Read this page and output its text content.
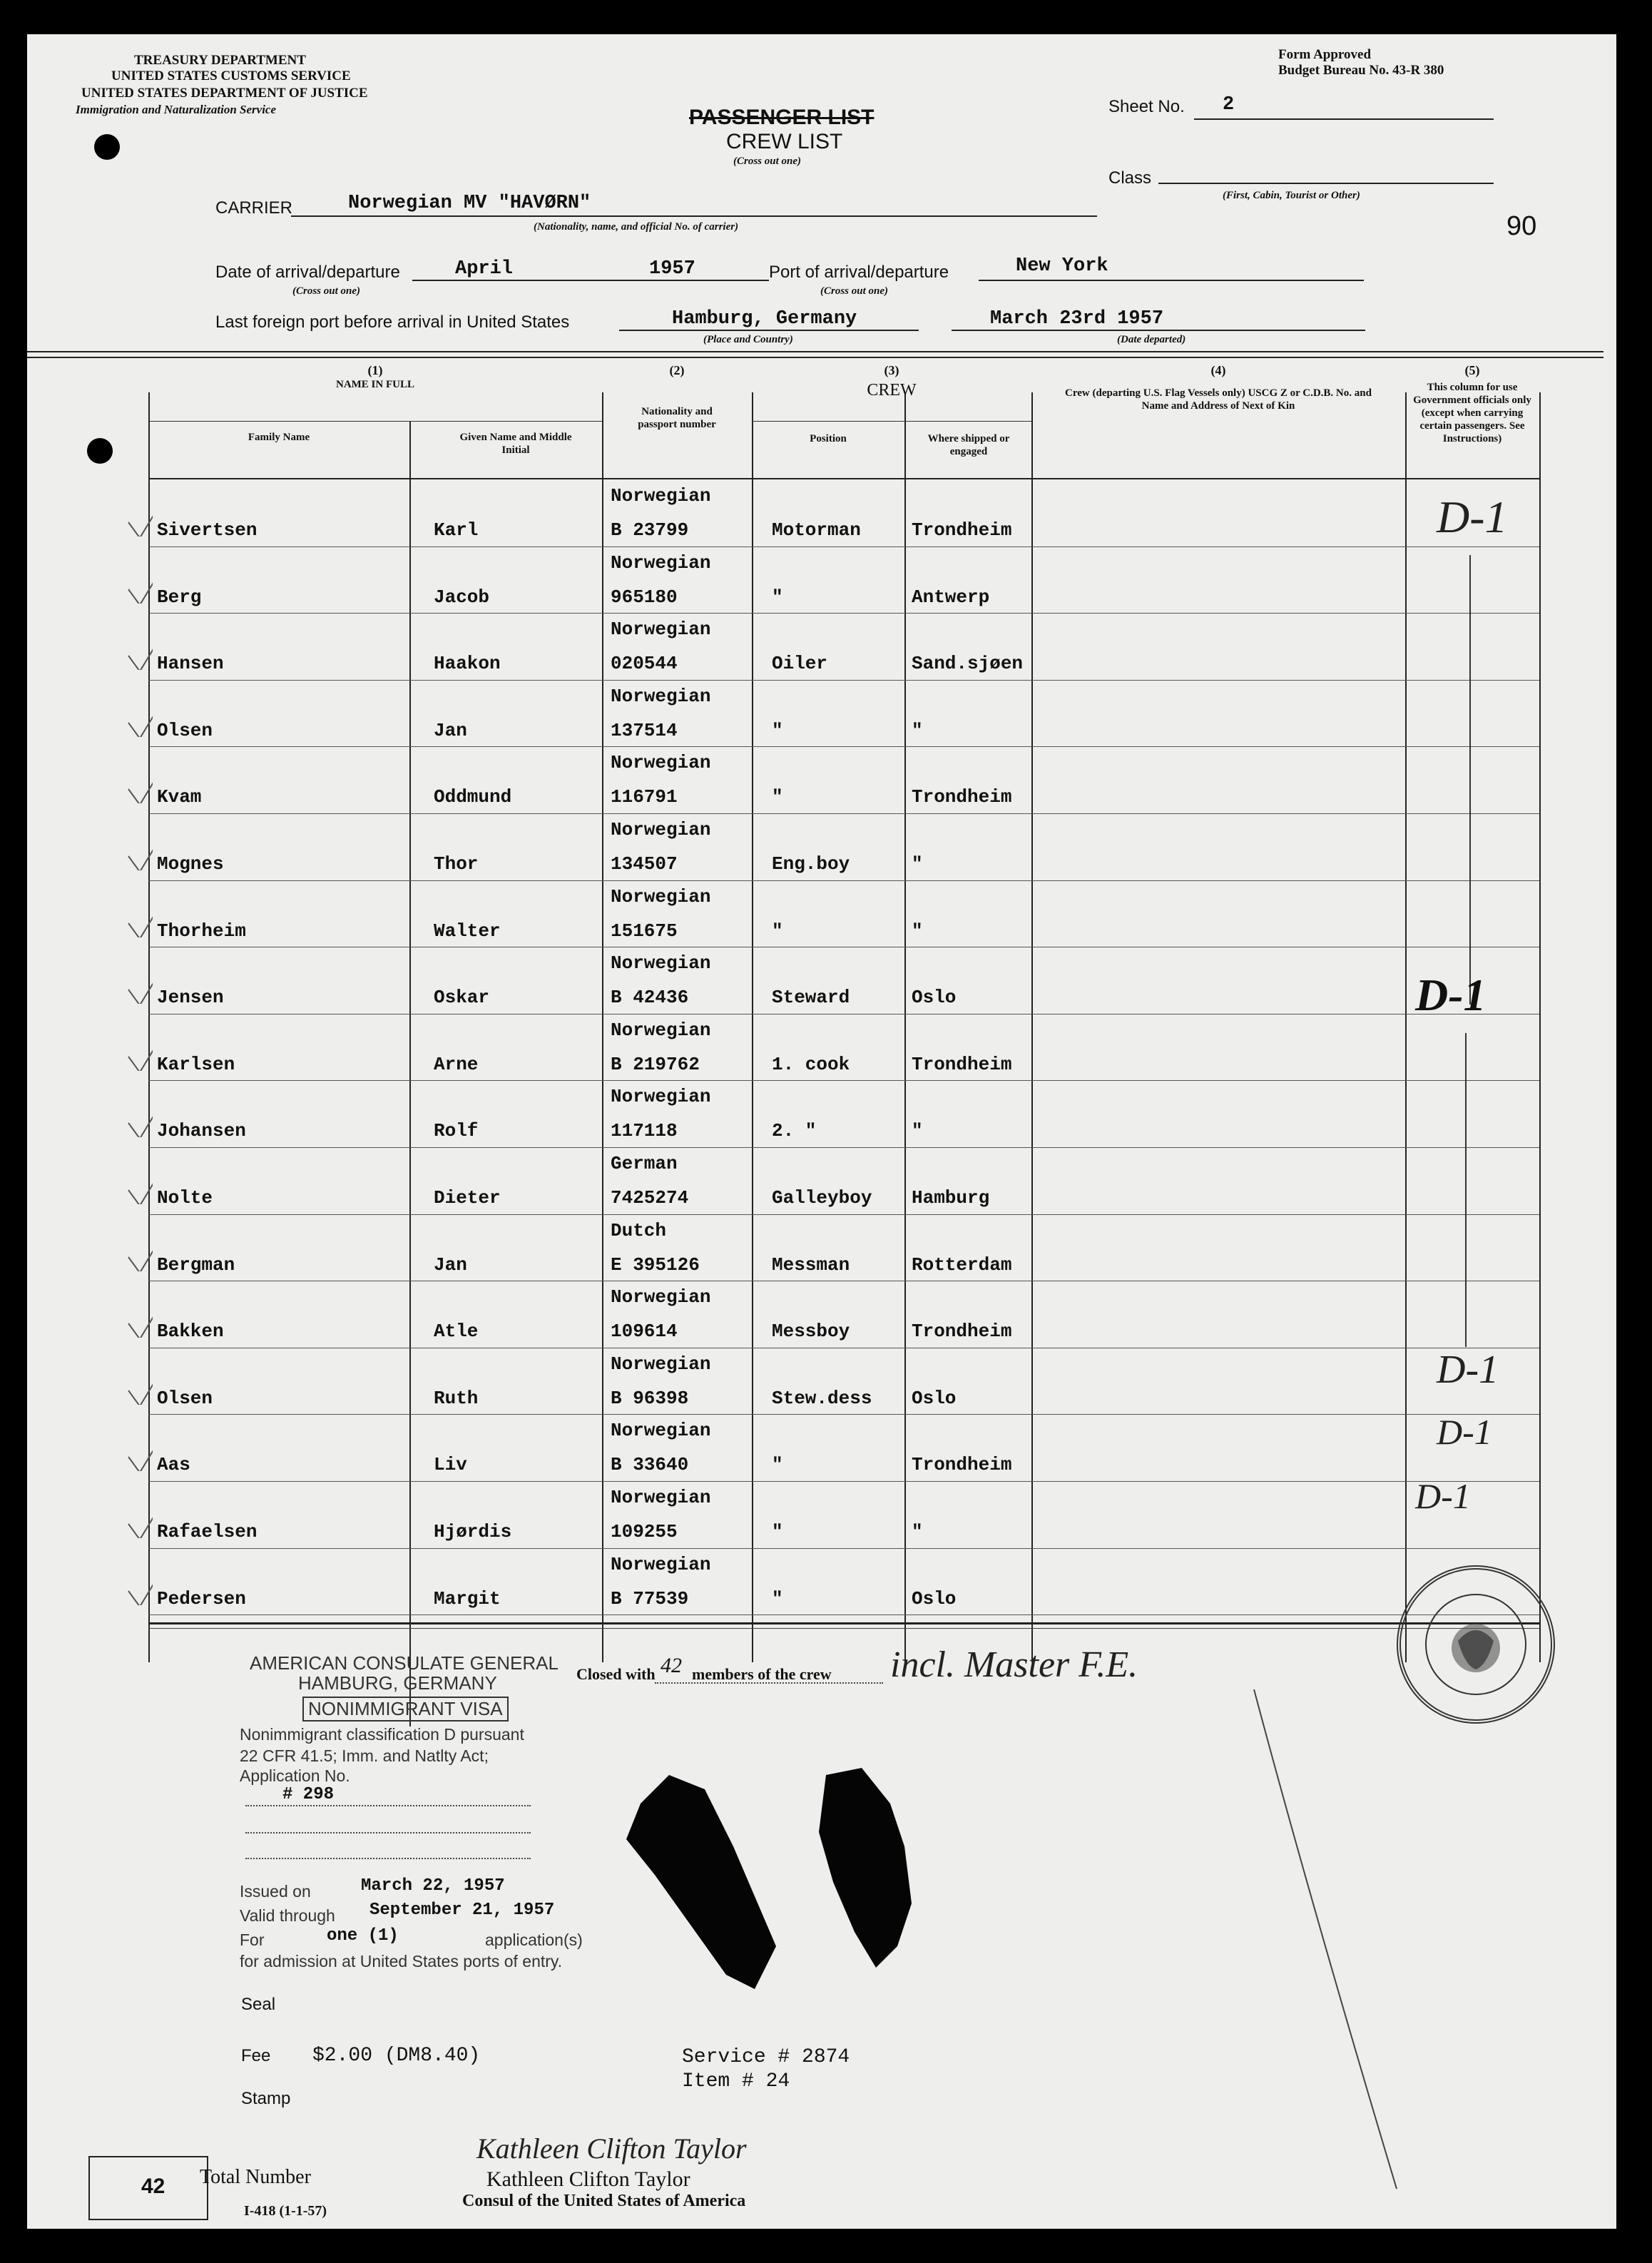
TREASURY DEPARTMENT
UNITED STATES CUSTOMS SERVICE
UNITED STATES DEPARTMENT OF JUSTICE
Immigration and Naturalization Service
Form Approved
Budget Bureau No. 43-R 380
PASSENGER LIST
CREW LIST
(Cross out one)
Sheet No. 2
Class
(First, Cabin, Tourist or Other)
90
CARRIER	Norwegian MV "HAVØRN"
(Nationality, name, and official No. of carrier)
Date of arrival/departure	April	1957
(Cross out one)
Port of arrival/departure	New York
(Cross out one)
Last foreign port before arrival in United States	Hamburg, Germany
(Place and Country)
March 23rd 1957
(Date departed)
(1)
NAME IN FULL
Family Name	Given Name and Middle Initial
(2)
Nationality and passport number
(3)
CREW
Position	Where shipped or engaged
(4)
Crew (departing U.S. Flag Vessels only) USCG Z or C.D.B. No. and Name and Address of Next of Kin
(5)
This column for use Government officials only (except when carrying certain passengers. See Instructions)
Norwegian
Sivertsen	Karl	B 23799	Motorman	Trondheim
Norwegian
Berg	Jacob	965180	"	Antwerp
Norwegian
Hansen	Haakon	020544	Oiler	Sand.sjøen
Norwegian
Olsen	Jan	137514	"	"
Norwegian
Kvam	Oddmund	116791	"	Trondheim
Norwegian
Mognes	Thor	134507	Eng.boy	"
Norwegian
Thorheim	Walter	151675	"	"
Norwegian
Jensen	Oskar	B 42436	Steward	Oslo
Norwegian
Karlsen	Arne	B 219762	1. cook	Trondheim
Norwegian
Johansen	Rolf	117118	2. "	"
German
Nolte	Dieter	7425274	Galleyboy Hamburg
Dutch
Bergman	Jan	E 395126	Messman	Rotterdam
Norwegian
Bakken	Atle	109614	Messboy	Trondheim
Norwegian
Olsen	Ruth	B 96398	Stew.dess Oslo
Norwegian
Aas	Liv	B 33640	"	Trondheim
Norwegian
Rafaelsen	Hjørdis	109255	"	"
Norwegian
Pedersen	Margit	B 77539	"	Oslo
D-1
D-1
D-1
D-1
D-1
AMERICAN CONSULATE GENERAL
HAMBURG, GERMANY
NONIMMIGRANT VISA
Nonimmigrant classification D pursuant
22 CFR 41.5; Imm. and Natlty Act;
Application No.
# 298
Issued on	March 22, 1957
Valid through September 21, 1957
For	one (1)	application(s)
for admission at United States ports of entry.
Seal
Fee $2.00 (DM8.40)
Stamp
Closed with 42 members of the crew incl. Master F.E.
Service # 2874
Item # 24
Kathleen Clifton Taylor
Kathleen Clifton Taylor
Consul of the United States of America
42 Total Number
I-418 (1-1-57)
